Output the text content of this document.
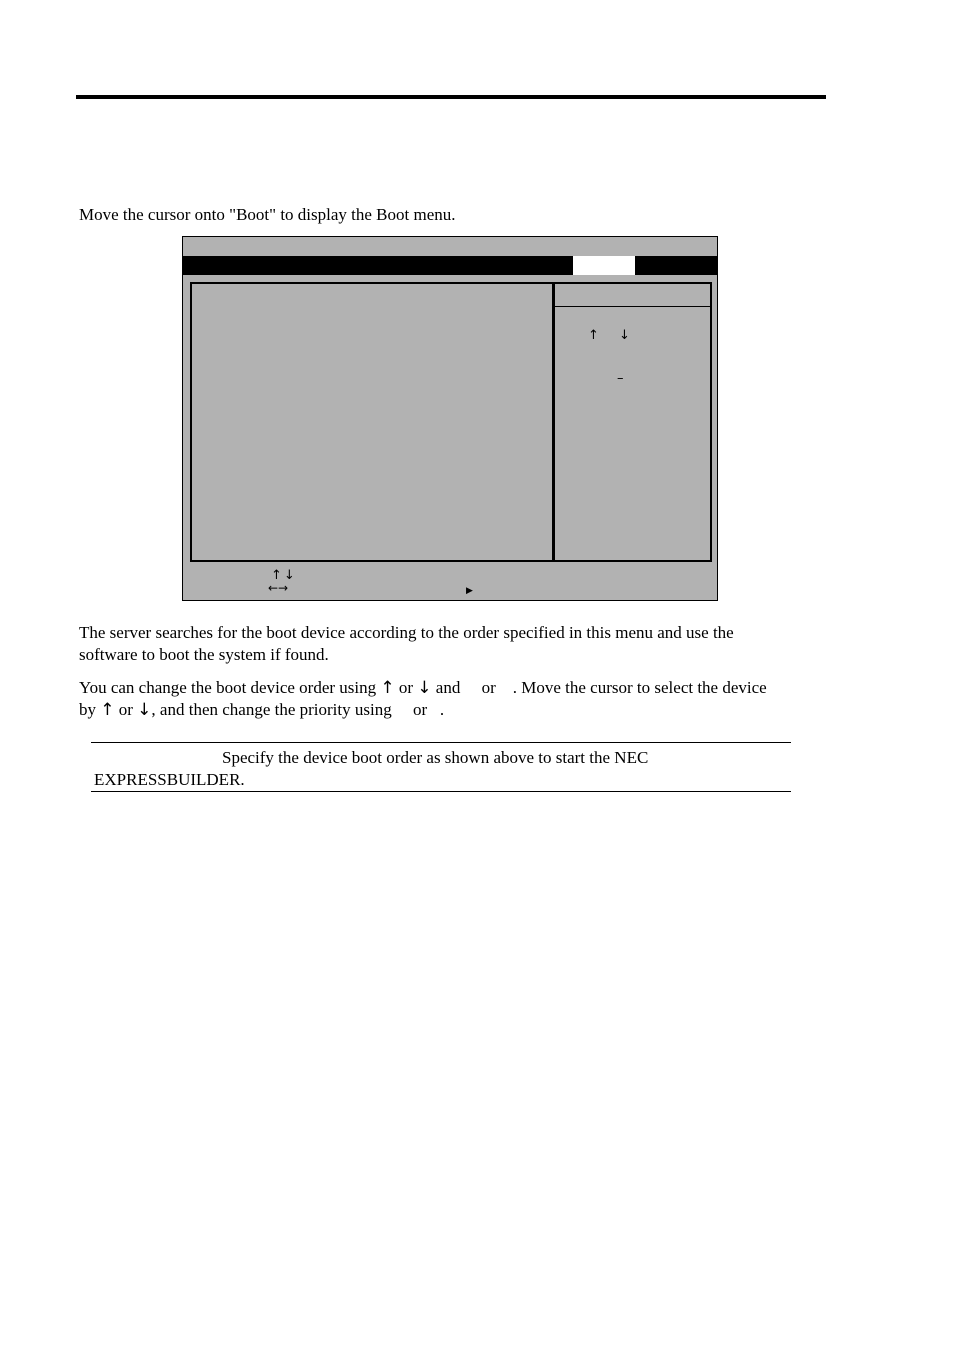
Move the cursor onto "Boot" to display the Boot menu.
↑ ↓
–
↑↓
←→	▶
The server searches for the boot device according to the order specified in this menu and use the
software to boot the system if found.
You can change the boot device order using ↑ or ↓ and     or    . Move the cursor to select the device
by ↑ or ↓, and then change the priority using     or   .
Specify the device boot order as shown above to start the NEC
EXPRESSBUILDER.
